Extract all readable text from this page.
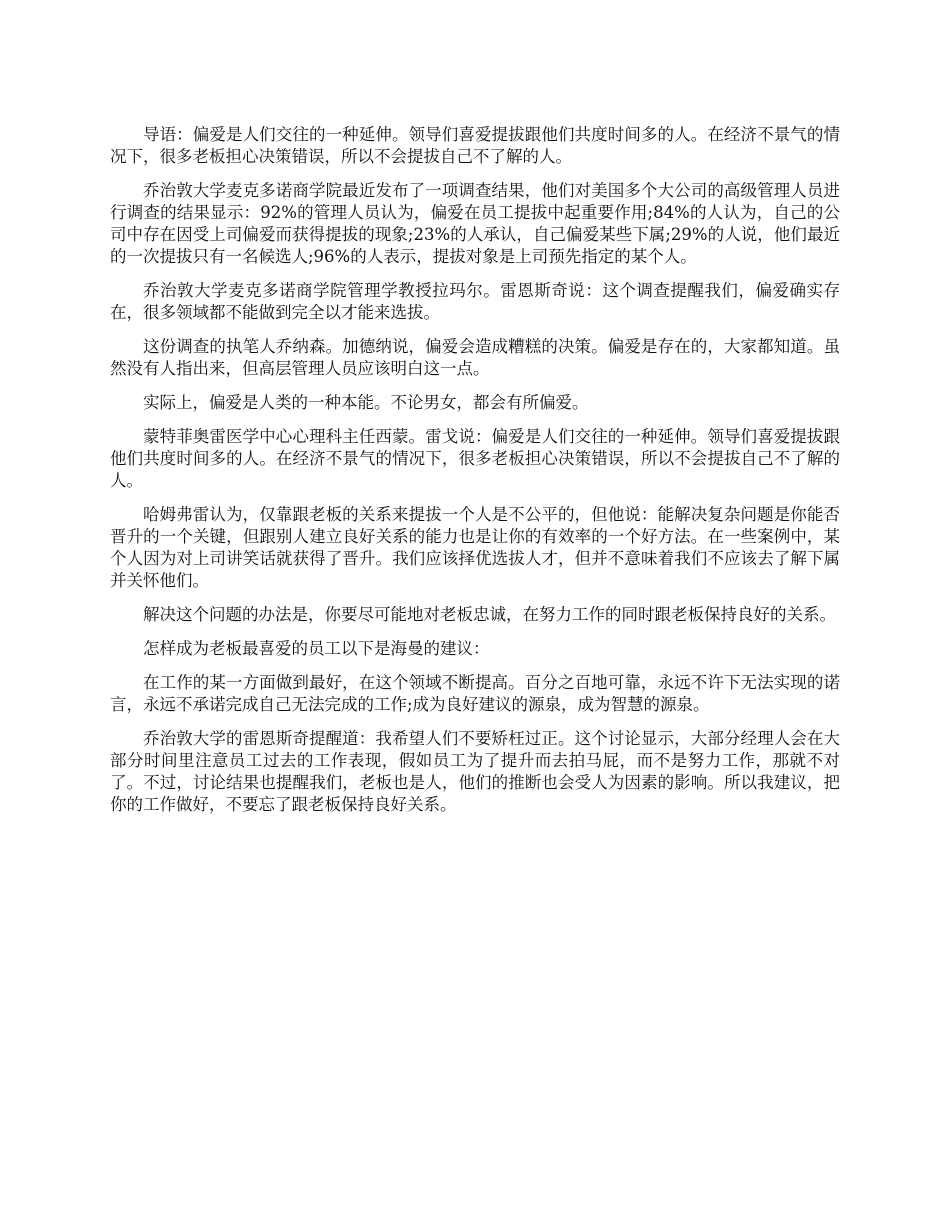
导语：偏爱是人们交往的一种延伸。领导们喜爱提拔跟他们共度时间多的人。在经济不景气的情况下，很多老板担心决策错误，所以不会提拔自己不了解的人。

乔治敦大学麦克多诺商学院最近发布了一项调查结果，他们对美国多个大公司的高级管理人员进行调查的结果显示：92%的管理人员认为，偏爱在员工提拔中起重要作用;84%的人认为，自己的公司中存在因受上司偏爱而获得提拔的现象;23%的人承认，自己偏爱某些下属;29%的人说，他们最近的一次提拔只有一名候选人;96%的人表示，提拔对象是上司预先指定的某个人。

乔治敦大学麦克多诺商学院管理学教授拉玛尔。雷恩斯奇说：这个调查提醒我们，偏爱确实存在，很多领域都不能做到完全以才能来选拔。

这份调查的执笔人乔纳森。加德纳说，偏爱会造成糟糕的决策。偏爱是存在的，大家都知道。虽然没有人指出来，但高层管理人员应该明白这一点。

实际上，偏爱是人类的一种本能。不论男女，都会有所偏爱。

蒙特菲奥雷医学中心心理科主任西蒙。雷戈说：偏爱是人们交往的一种延伸。领导们喜爱提拔跟他们共度时间多的人。在经济不景气的情况下，很多老板担心决策错误，所以不会提拔自己不了解的人。

哈姆弗雷认为，仅靠跟老板的关系来提拔一个人是不公平的，但他说：能解决复杂问题是你能否晋升的一个关键，但跟别人建立良好关系的能力也是让你的有效率的一个好方法。在一些案例中，某个人因为对上司讲笑话就获得了晋升。我们应该择优选拔人才，但并不意味着我们不应该去了解下属并关怀他们。

解决这个问题的办法是，你要尽可能地对老板忠诚，在努力工作的同时跟老板保持良好的关系。

怎样成为老板最喜爱的员工以下是海曼的建议：

在工作的某一方面做到最好，在这个领域不断提高。百分之百地可靠，永远不许下无法实现的诺言，永远不承诺完成自己无法完成的工作;成为良好建议的源泉，成为智慧的源泉。

乔治敦大学的雷恩斯奇提醒道：我希望人们不要矫枉过正。这个讨论显示，大部分经理人会在大部分时间里注意员工过去的工作表现，假如员工为了提升而去拍马屁，而不是努力工作，那就不对了。不过，讨论结果也提醒我们，老板也是人，他们的推断也会受人为因素的影响。所以我建议，把你的工作做好，不要忘了跟老板保持良好关系。
